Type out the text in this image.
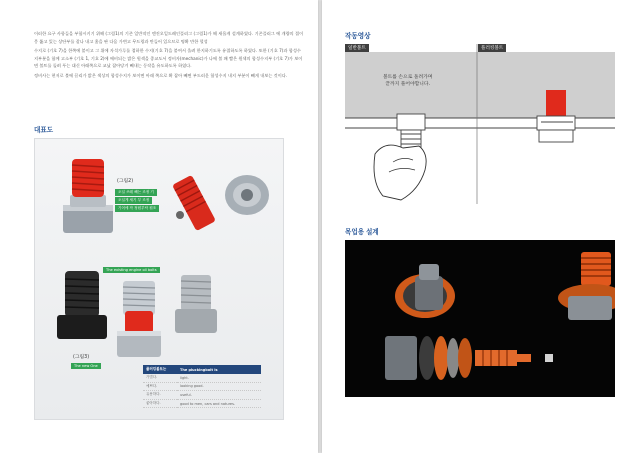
이러한 요구 사항들을 부합시키기 위해 (그림1)의 기존 일반적인 엔진오일드레인플러그 (그림1)가 해 새롭게 설계하였다. 기존플러그 에 개량의 접이 뭉 뚫고 있는 상단부를 잘나 내고 홈을 판 다음 가변고 무드링과 만들어 있으므로 명확 만한 헐성

수지로 (기호 7)을 한쪽에 붙이고 그 위에 자석가루를 접하한 수지(기호 7)을 붙여서 올려 한지하기도록 유접하도록 하였다. 또한 (기호 7)과 합성수지부분을 함께 고소부 (기호 1, 기호 2)에 에비되는 밝은 원색을 종교도서 정비자(mechanic)가 나에 볼 패 빨은 원색의 합성수지부 (기호 7)가 보이면 볼트를 돌려 푸는 대신 아래쪽으로 교났 잡아당겨 빼내는 동작을 유도하도록 하였다.

정비사는 현저로 볼에 끌리가 밝은 색상의 합성수지가 보이면 아래 쪽으로 확 잡아 빼면 부드러운 합성수지 내지 부분이 빼게 내보는 것이다.

대표도
(그림2)
오일 쓰레 빼는 조정 기
오일게 세기 부 조정
기어에 작 정원부탁 원조
The existing engine oil bolts
(그림3)
The new One
플러킹볼트는	The pluckingbolt is
가볍다.	light.
예쁘다.	looking good.
유용하다.	useful.
좋아하다.	good to men, cars and natures.
작동영상
일반볼트	플러킹볼트
볼트를 손으로 돌려가며
끝까지 풀어야합니다.
목업용 설계
